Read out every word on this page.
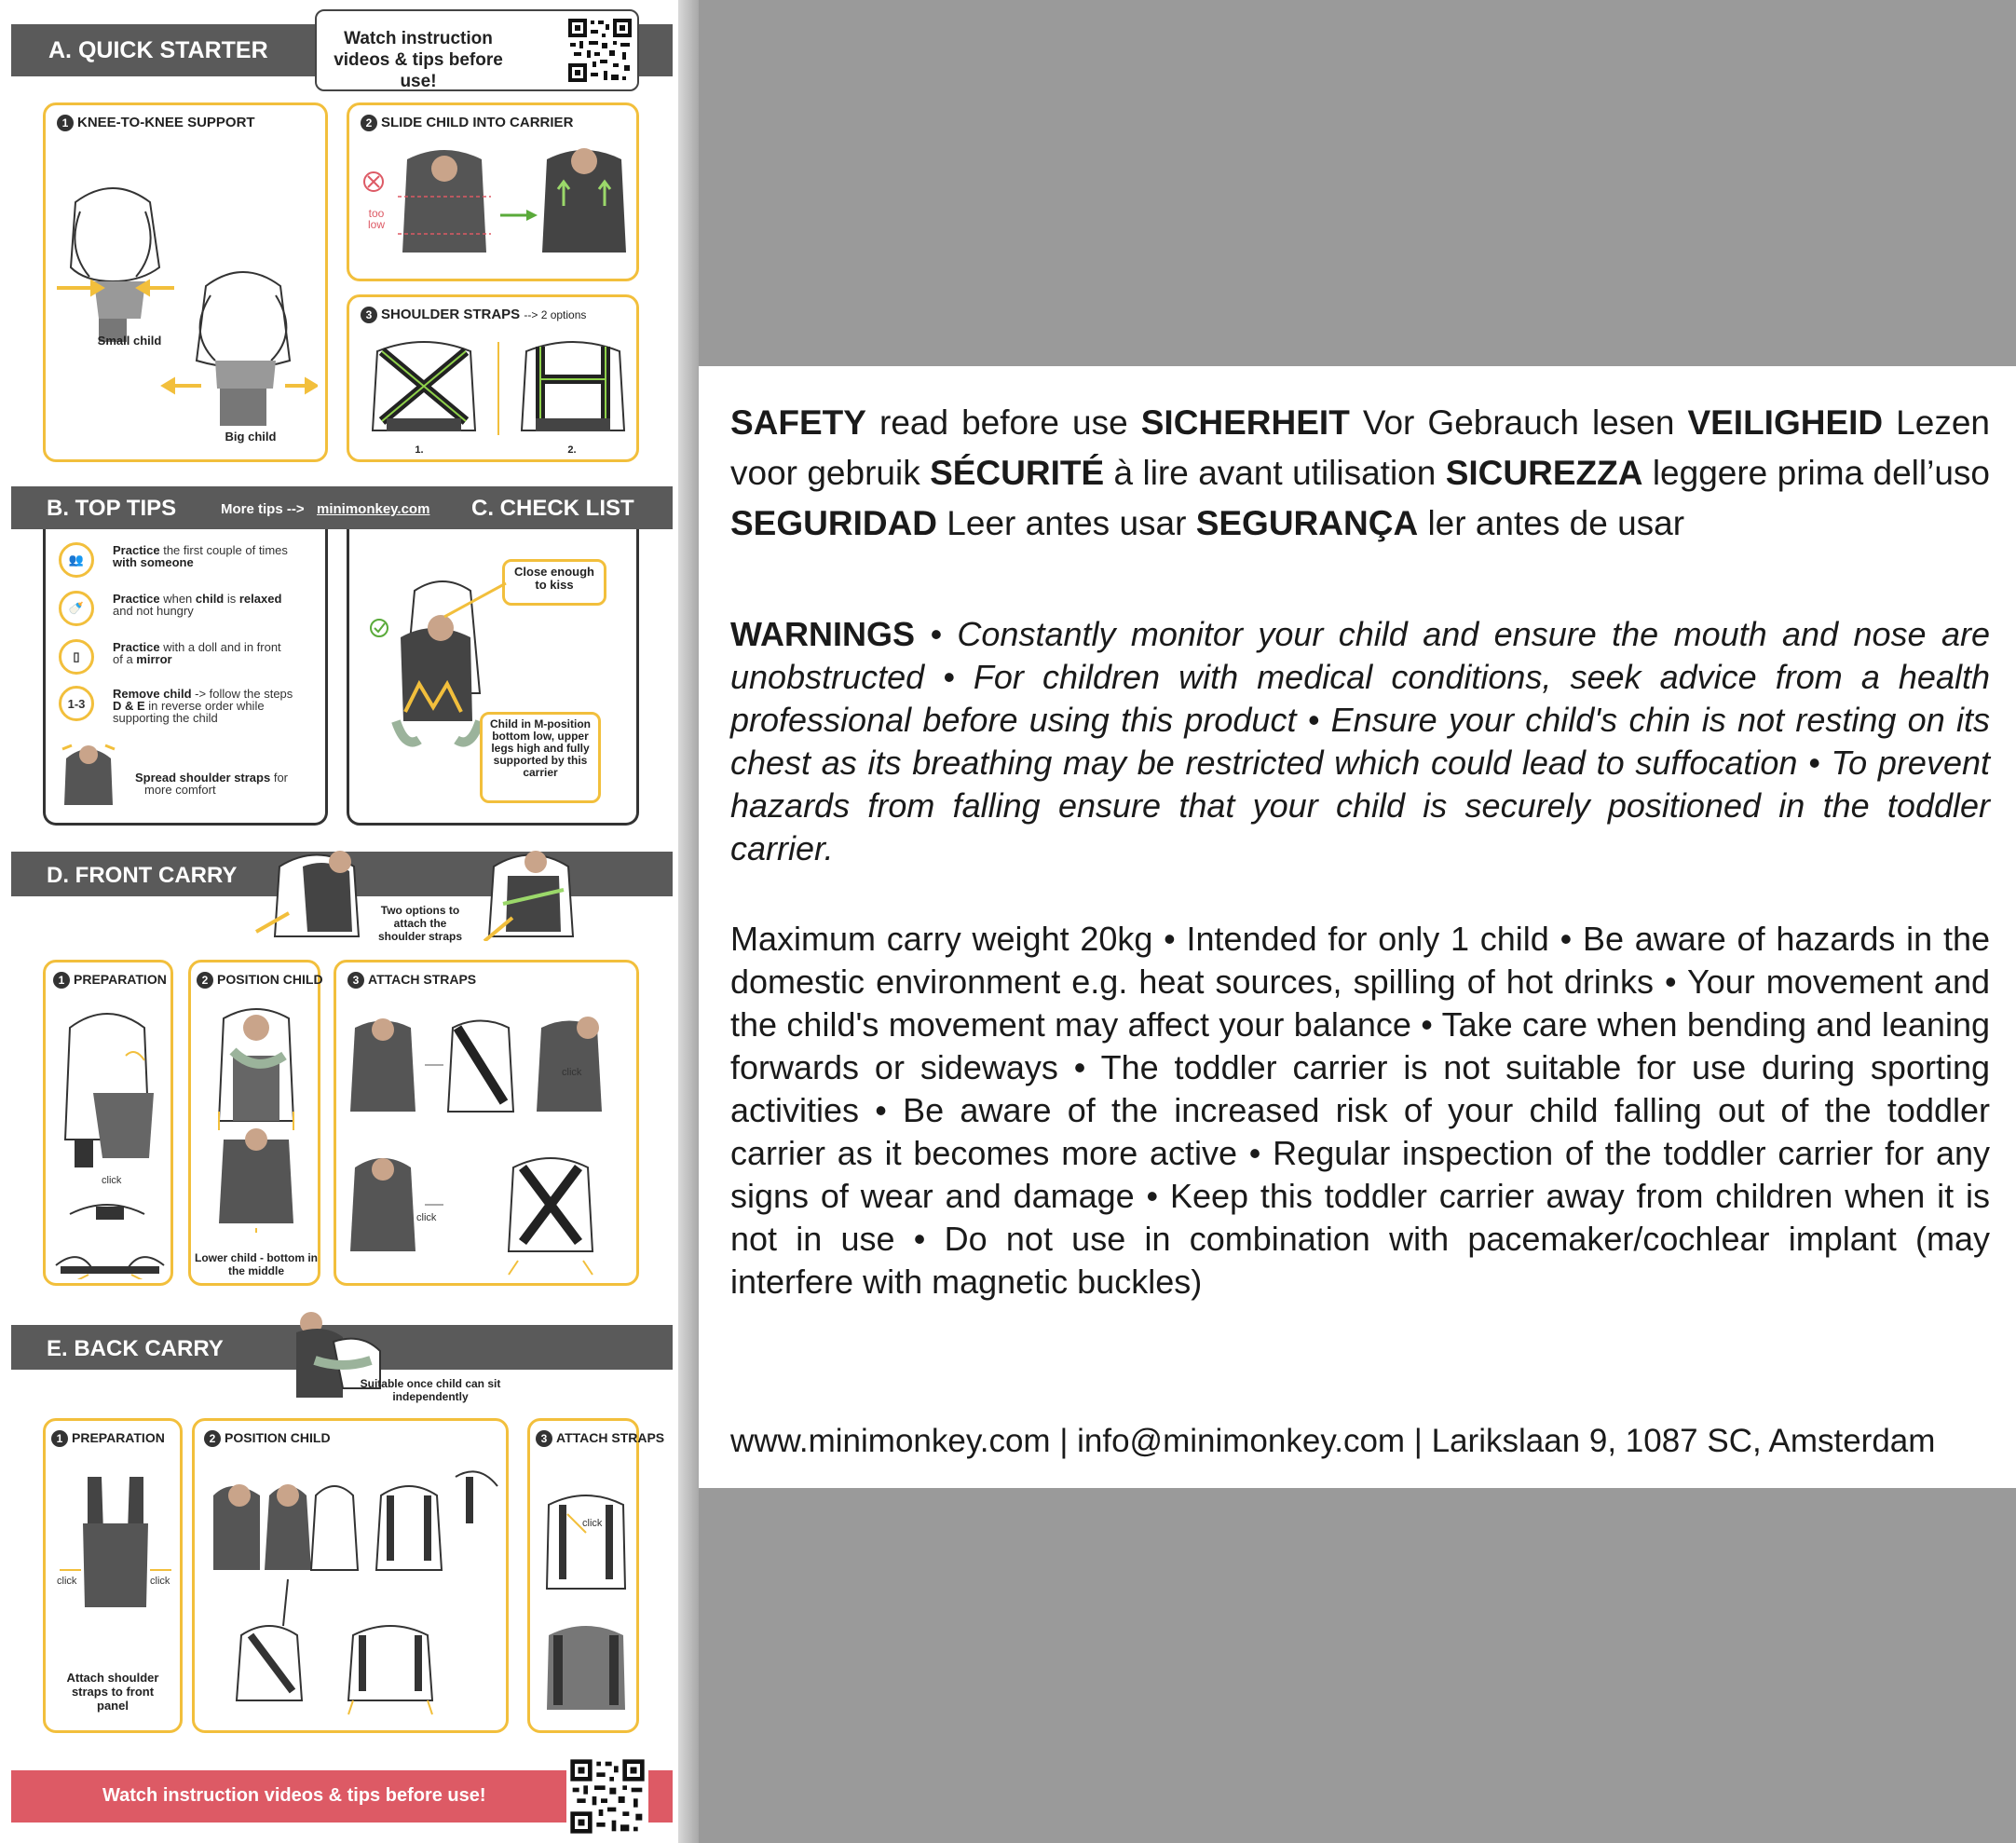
A. QUICK STARTER	Watch instruction videos & tips before use!
1 KNEE-TO-KNEE SUPPORT
Small child
Big child
2 SLIDE CHILD INTO CARRIER
too low
3 SHOULDER STRAPS --> 2 options
1.	2.
B. TOP TIPS	More tips --> minimonkey.com C. CHECK LIST
👥
Practice the first couple of times
with someone
🍼
Practice when child is relaxed
and not hungry
▯
Practice with a doll and in front
of a mirror
1-3
Remove child -> follow the steps
D & E in reverse order while
supporting the child
Spread shoulder straps for
more comfort
Close enough to kiss
Child in M-position bottom low, upper legs high and fully supported by this carrier
D. FRONT CARRY
Two options to attach the shoulder straps
1 PREPARATION
click
2 POSITION CHILD
Lower child - bottom in the middle
3 ATTACH STRAPS
click
click
E. BACK CARRY
Suitable once child can sit independently
1 PREPARATION
click	click
Attach shoulder straps to front panel
2 POSITION CHILD	3 ATTACH STRAPS
click
Watch instruction videos & tips before use!
SAFETY read before use SICHERHEIT Vor Gebrauch lesen VEILIGHEID Lezen voor gebruik SÉCURITÉ à lire avant utilisation SICUREZZA leggere prima dell’uso SEGURIDAD Leer antes usar SEGURANÇA ler antes de usar
WARNINGS • Constantly monitor your child and ensure the mouth and nose are unobstructed • For children with medical conditions, seek advice from a health professional before using this product • Ensure your child's chin is not resting on its chest as its breathing may be restricted which could lead to suffocation • To prevent hazards from falling ensure that your child is securely positioned in the toddler carrier.
Maximum carry weight 20kg • Intended for only 1 child • Be aware of hazards in the domestic environment e.g. heat sources, spilling of hot drinks • Your movement and the child's movement may affect your balance • Take care when bending and leaning forwards or sideways • The toddler carrier is not suitable for use during sporting activities • Be aware of the increased risk of your child falling out of the toddler carrier as it becomes more active • Regular inspection of the toddler carrier for any signs of wear and damage • Keep this toddler carrier away from children when it is not in use • Do not use in combination with pacemaker/cochlear implant (may interfere with magnetic buckles)
www.minimonkey.com | info@minimonkey.com | Larikslaan 9, 1087 SC, Amsterdam
